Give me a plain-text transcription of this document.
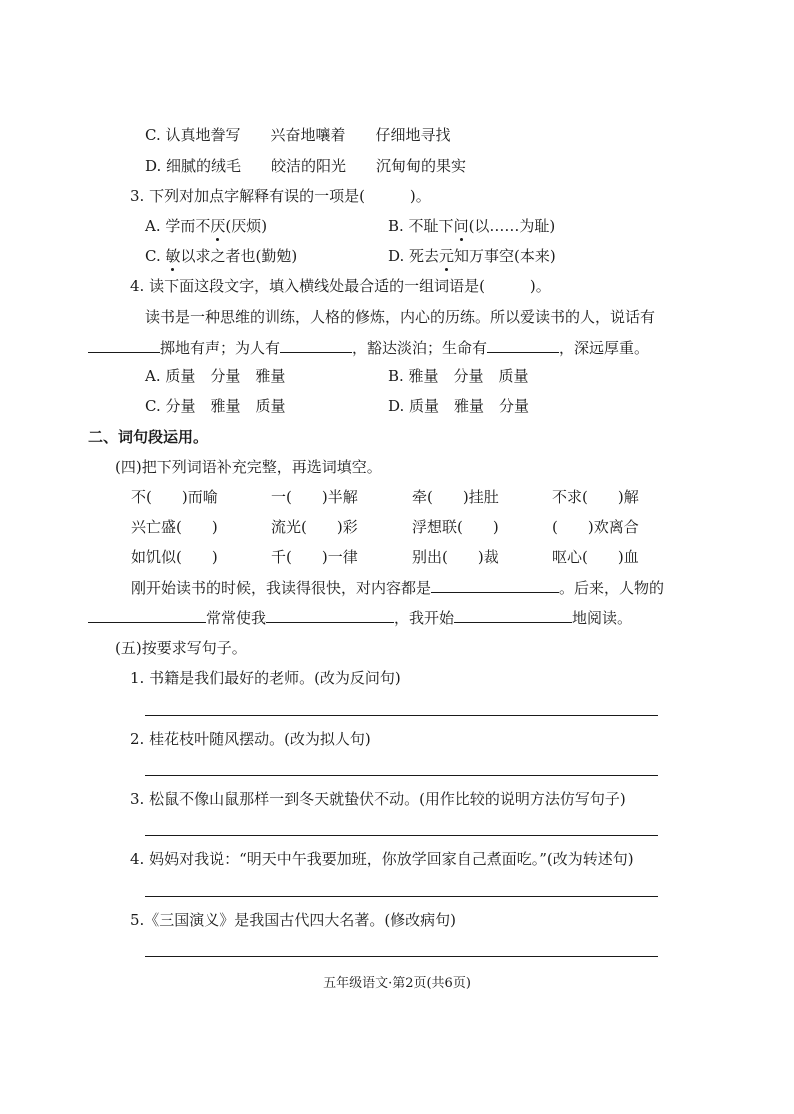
C. 认真地誊写　　兴奋地嚷着　　仔细地寻找
D. 细腻的绒毛　　皎洁的阳光　　沉甸甸的果实
3. 下列对加点字解释有误的一项是(　　　)。
A. 学而不厌(厌烦)	B. 不耻下问(以……为耻)
C. 敏以求之者也(勤勉)	D. 死去元知万事空(本来)
4. 读下面这段文字，填入横线处最合适的一组词语是(　　　)。
读书是一种思维的训练，人格的修炼，内心的历练。所以爱读书的人，说话有
掷地有声；为人有	，豁达淡泊；生命有	，深远厚重。
A. 质量　分量　雅量	B. 雅量　分量　质量
C. 分量　雅量　质量	D. 质量　雅量　分量
二、词句段运用。
(四)把下列词语补充完整，再选词填空。
不(　　)而喻	一(　　)半解	牵(　　)挂肚	不求(　　)解
兴亡盛(　　)	流光(　　)彩	浮想联(　　)	(　　)欢离合
如饥似(　　)	千(　　)一律	别出(　　)裁	呕心(　　)血
刚开始读书的时候，我读得很快，对内容都是	。后来，人物的
常常使我	，我开始	地阅读。
(五)按要求写句子。
1. 书籍是我们最好的老师。(改为反问句)
2. 桂花枝叶随风摆动。(改为拟人句)
3. 松鼠不像山鼠那样一到冬天就蛰伏不动。(用作比较的说明方法仿写句子)
4. 妈妈对我说：“明天中午我要加班，你放学回家自己煮面吃。”(改为转述句)
5.《三国演义》是我国古代四大名著。(修改病句)
五年级语文·第2页(共6页)
